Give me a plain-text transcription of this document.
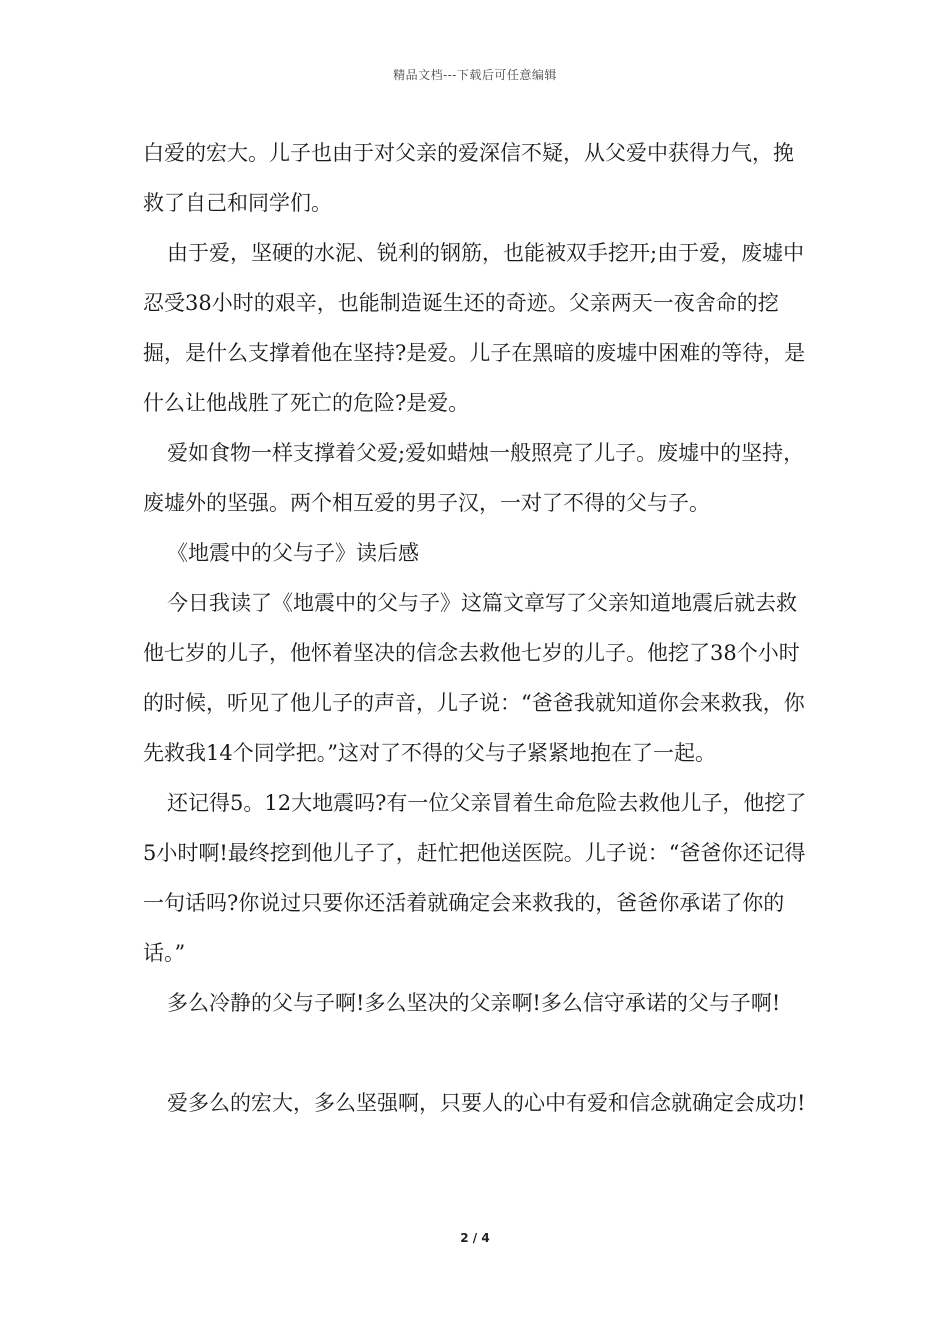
精品文档---下载后可任意编辑

白爱的宏大。儿子也由于对父亲的爱深信不疑，从父爱中获得力气，挽救了自己和同学们。

由于爱，坚硬的水泥、锐利的钢筋，也能被双手挖开;由于爱，废墟中忍受38小时的艰辛，也能制造诞生还的奇迹。父亲两天一夜舍命的挖掘，是什么支撑着他在坚持?是爱。儿子在黑暗的废墟中困难的等待，是什么让他战胜了死亡的危险?是爱。

爱如食物一样支撑着父爱;爱如蜡烛一般照亮了儿子。废墟中的坚持，废墟外的坚强。两个相互爱的男子汉，一对了不得的父与子。

《地震中的父与子》读后感

今日我读了《地震中的父与子》这篇文章写了父亲知道地震后就去救他七岁的儿子，他怀着坚决的信念去救他七岁的儿子。他挖了38个小时的时候，听见了他儿子的声音，儿子说：“爸爸我就知道你会来救我，你先救我14个同学把。”这对了不得的父与子紧紧地抱在了一起。

还记得5。12大地震吗?有一位父亲冒着生命危险去救他儿子，他挖了5小时啊!最终挖到他儿子了，赶忙把他送医院。儿子说：“爸爸你还记得一句话吗?你说过只要你还活着就确定会来救我的，爸爸你承诺了你的话。”

多么冷静的父与子啊!多么坚决的父亲啊!多么信守承诺的父与子啊!

爱多么的宏大，多么坚强啊，只要人的心中有爱和信念就确定会成功!

2 / 4
